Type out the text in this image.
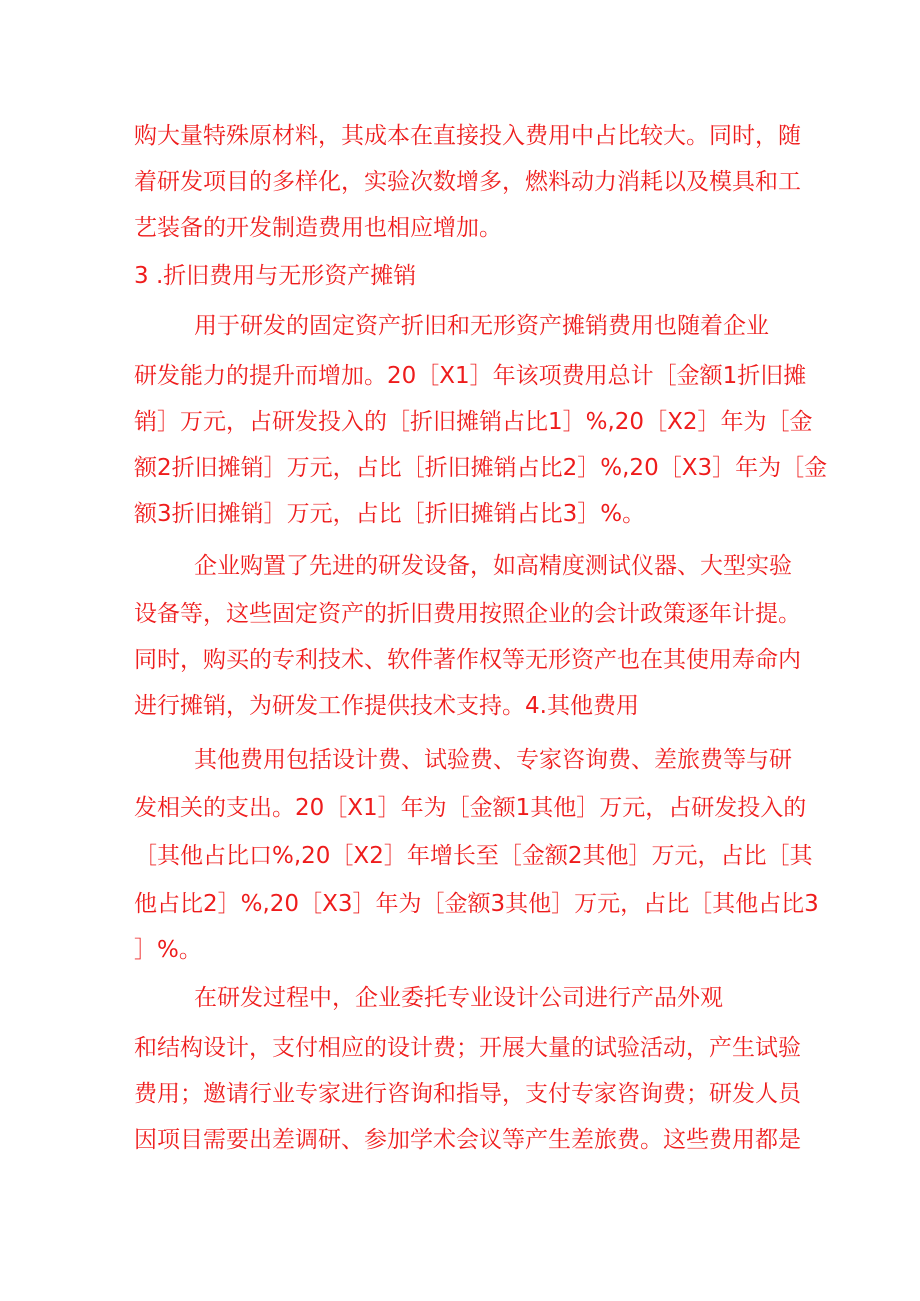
购大量特殊原材料，其成本在直接投入费用中占比较大。同时，随
着研发项目的多样化，实验次数增多，燃料动力消耗以及模具和工
艺装备的开发制造费用也相应增加。
3 .折旧费用与无形资产摊销
用于研发的固定资产折旧和无形资产摊销费用也随着企业
研发能力的提升而增加。20［X1］年该项费用总计［金额1折旧摊
销］万元，占研发投入的［折旧摊销占比1］%,20［X2］年为［金
额2折旧摊销］万元，占比［折旧摊销占比2］%,20［X3］年为［金
额3折旧摊销］万元，占比［折旧摊销占比3］%。
企业购置了先进的研发设备，如高精度测试仪器、大型实验
设备等，这些固定资产的折旧费用按照企业的会计政策逐年计提。
同时，购买的专利技术、软件著作权等无形资产也在其使用寿命内
进行摊销，为研发工作提供技术支持。4.其他费用
其他费用包括设计费、试验费、专家咨询费、差旅费等与研
发相关的支出。20［X1］年为［金额1其他］万元，占研发投入的
［其他占比口%,20［X2］年增长至［金额2其他］万元，占比［其
他占比2］%,20［X3］年为［金额3其他］万元，占比［其他占比3
］%。
在研发过程中，企业委托专业设计公司进行产品外观
和结构设计，支付相应的设计费；开展大量的试验活动，产生试验
费用；邀请行业专家进行咨询和指导，支付专家咨询费；研发人员
因项目需要出差调研、参加学术会议等产生差旅费。这些费用都是
